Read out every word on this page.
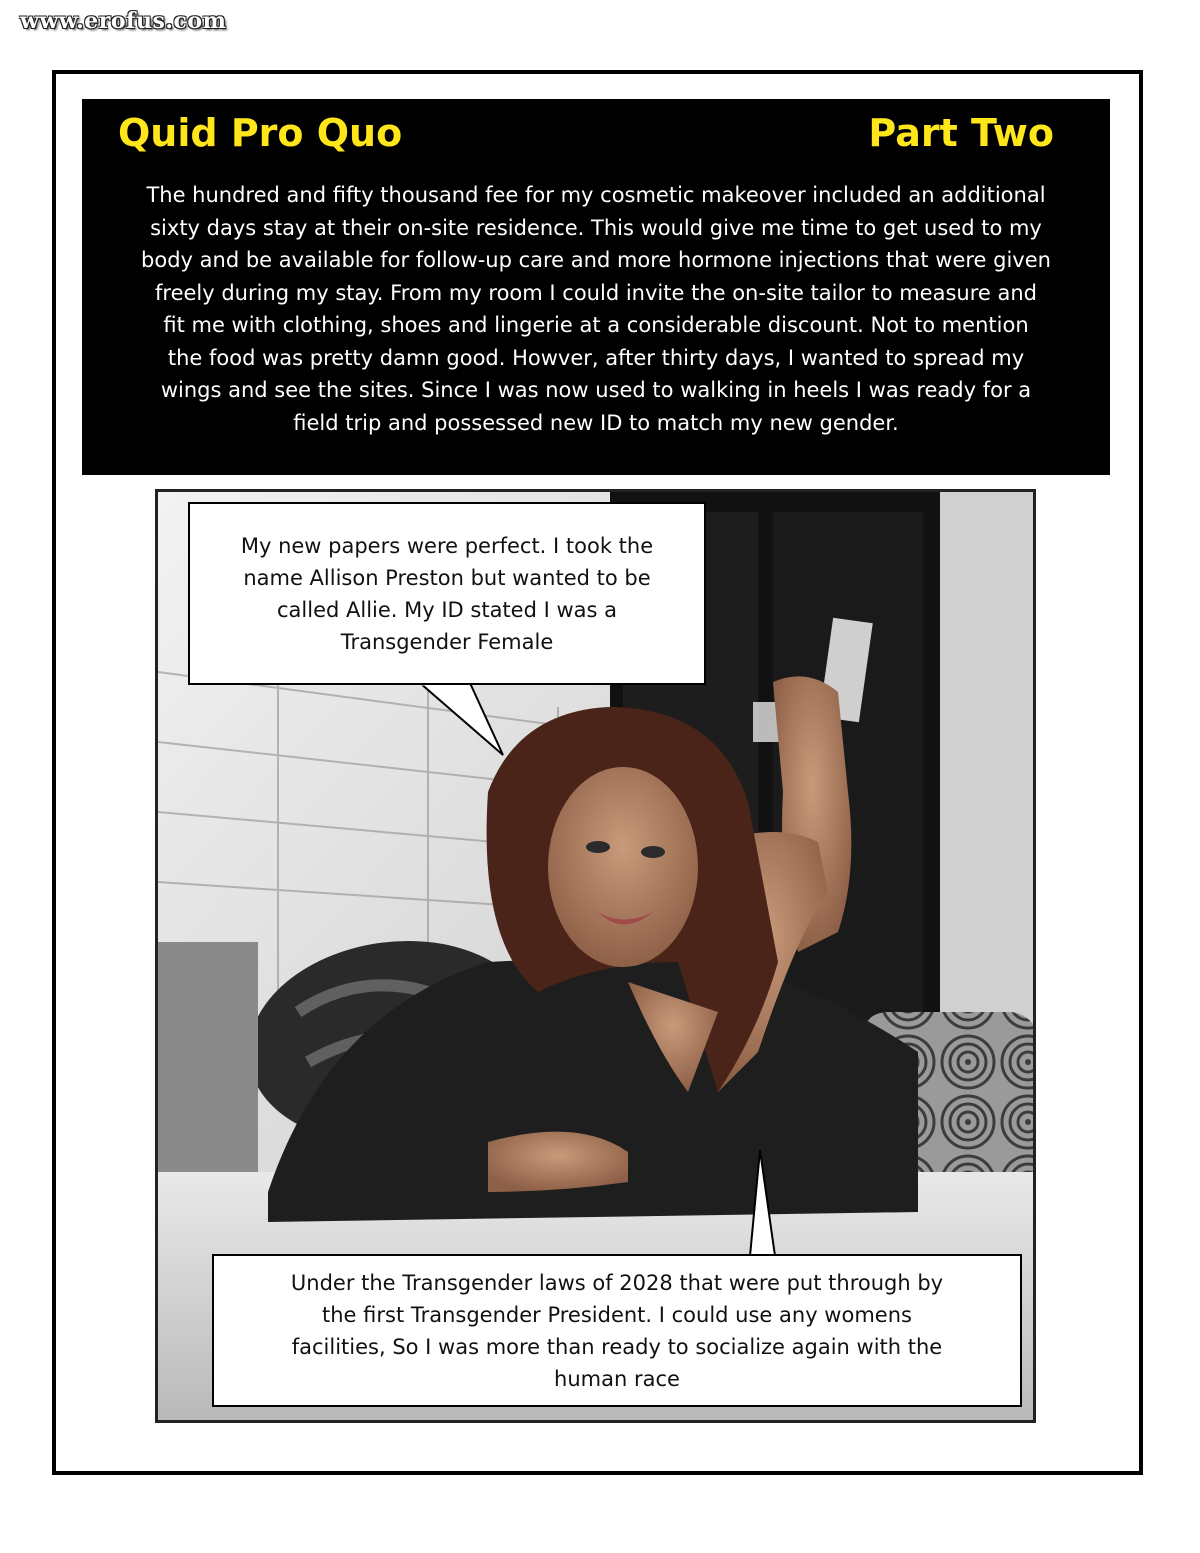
www.erofus.com
Quid Pro Quo	Part Two
The hundred and fifty thousand fee for my cosmetic makeover included an additional
sixty days stay at their on-site residence. This would give me time to get used to my
body and be available for follow-up care and more hormone injections that were given
freely during my stay. From my room I could invite the on-site tailor to measure and
fit me with clothing, shoes and lingerie at a considerable discount. Not to mention
the food was pretty damn good. Howver, after thirty days, I wanted to spread my
wings and see the sites. Since I was now used to walking in heels I was ready for a
field trip and possessed new ID to match my new gender.
My new papers were perfect. I took the
name Allison Preston but wanted to be
called Allie. My ID stated I was a
Transgender Female
Under the Transgender laws of 2028 that were put through by
the first Transgender President. I could use any womens
facilities, So I was more than ready to socialize again with the
human race
